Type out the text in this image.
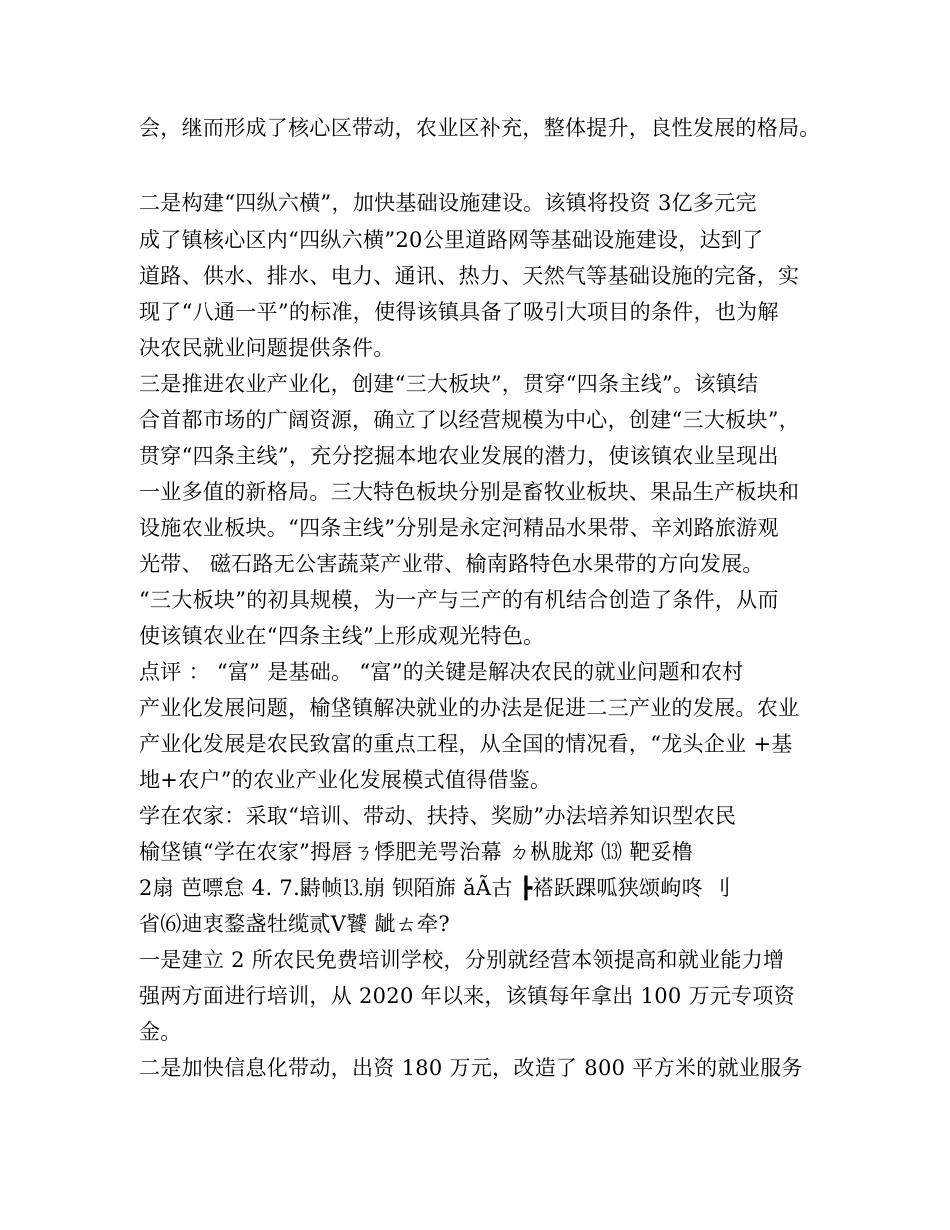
会，继而形成了核心区带动，农业区补充，整体提升，良性发展的格局。
二是构建“四纵六横”，加快基础设施建设。该镇将投资 3亿多元完
成了镇核心区内“四纵六横”20公里道路网等基础设施建设，达到了
道路、供水、排水、电力、通讯、热力、天然气等基础设施的完备，实
现了“八通一平”的标准，使得该镇具备了吸引大项目的条件，也为解
决农民就业问题提供条件。
三是推进农业产业化，创建“三大板块”，贯穿“四条主线”。该镇结
合首都市场的广阔资源，确立了以经营规模为中心，创建“三大板块”，
贯穿“四条主线”，充分挖掘本地农业发展的潜力，使该镇农业呈现出
一业多值的新格局。三大特色板块分别是畜牧业板块、果品生产板块和
设施农业板块。“四条主线”分别是永定河精品水果带、辛刘路旅游观
光带、 磁石路无公害蔬菜产业带、榆南路特色水果带的方向发展。
“三大板块”的初具规模，为一产与三产的有机结合创造了条件，从而
使该镇农业在“四条主线”上形成观光特色。
点评 ： “富” 是基础。 “富”的关键是解决农民的就业问题和农村
产业化发展问题，榆垡镇解决就业的办法是促进二三产业的发展。农业
产业化发展是农民致富的重点工程，从全国的情况看，“龙头企业 +基
地+农户”的农业产业化发展模式值得借鉴。
学在农家：采取“培训、带动、扶持、奖励”办法培养知识型农民
榆垡镇“学在农家”拇唇ㄋ悸肥羌咢治幕 ㄉ枞胧郑 ⒀ 靶妥橹
2扇 芭嘌怠 4. 7.鼭帧⒔崩 钡陌旆 ǎÃ古 ┣褡跃踝呱狭颂岣咚 刂
省⑹迪衷鍪盏牡缆贰Ⅴ饕 龇ㄊ牵?
一是建立 2 所农民免费培训学校，分别就经营本领提高和就业能力增
强两方面进行培训，从 2020 年以来，该镇每年拿出 100 万元专项资
金。
二是加快信息化带动，出资 180 万元，改造了 800 平方米的就业服务
